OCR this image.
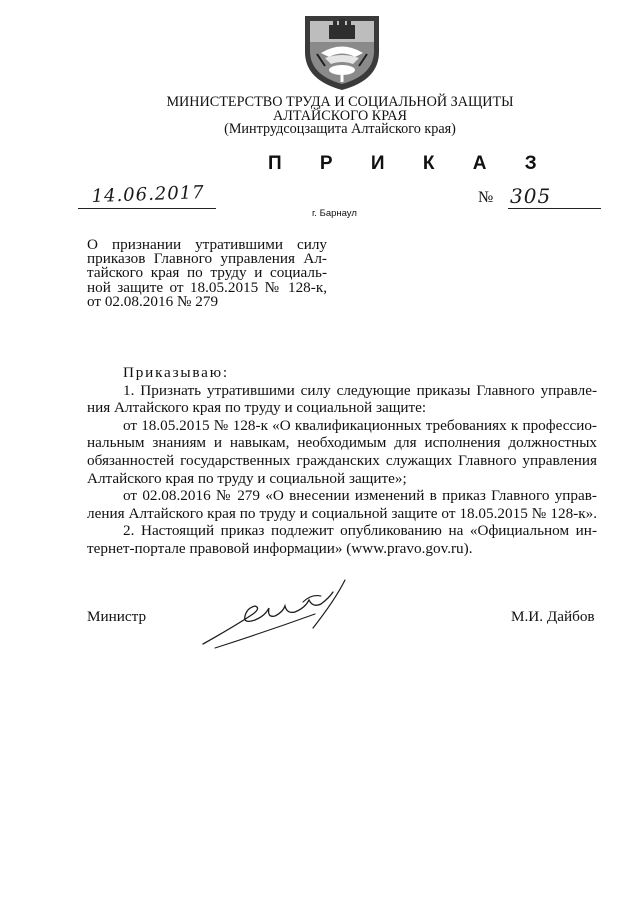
МИНИСТЕРСТВО ТРУДА И СОЦИАЛЬНОЙ ЗАЩИТЫ
АЛТАЙСКОГО КРАЯ
(Минтрудсоцзащита Алтайского края)
П Р И К А З
14.06.2017	№ 305
г. Барнаул
О признании утратившими силу
приказов Главного управления Ал-
тайского края по труду и социаль-
ной защите от 18.05.2015 № 128-к,
от 02.08.2016 № 279
Приказываю:
1. Признать утратившими силу следующие приказы Главного управле-
ния Алтайского края по труду и социальной защите:
от 18.05.2015 № 128-к «О квалификационных требованиях к профессио-
нальным знаниям и навыкам, необходимым для исполнения должностных
обязанностей государственных гражданских служащих Главного управления
Алтайского края по труду и социальной защите»;
от 02.08.2016 № 279 «О внесении изменений в приказ Главного управ-
ления Алтайского края по труду и социальной защите от 18.05.2015 № 128-к».
2. Настоящий приказ подлежит опубликованию на «Официальном ин-
тернет-портале правовой информации» (www.pravo.gov.ru).
Министр	М.И. Дайбов
